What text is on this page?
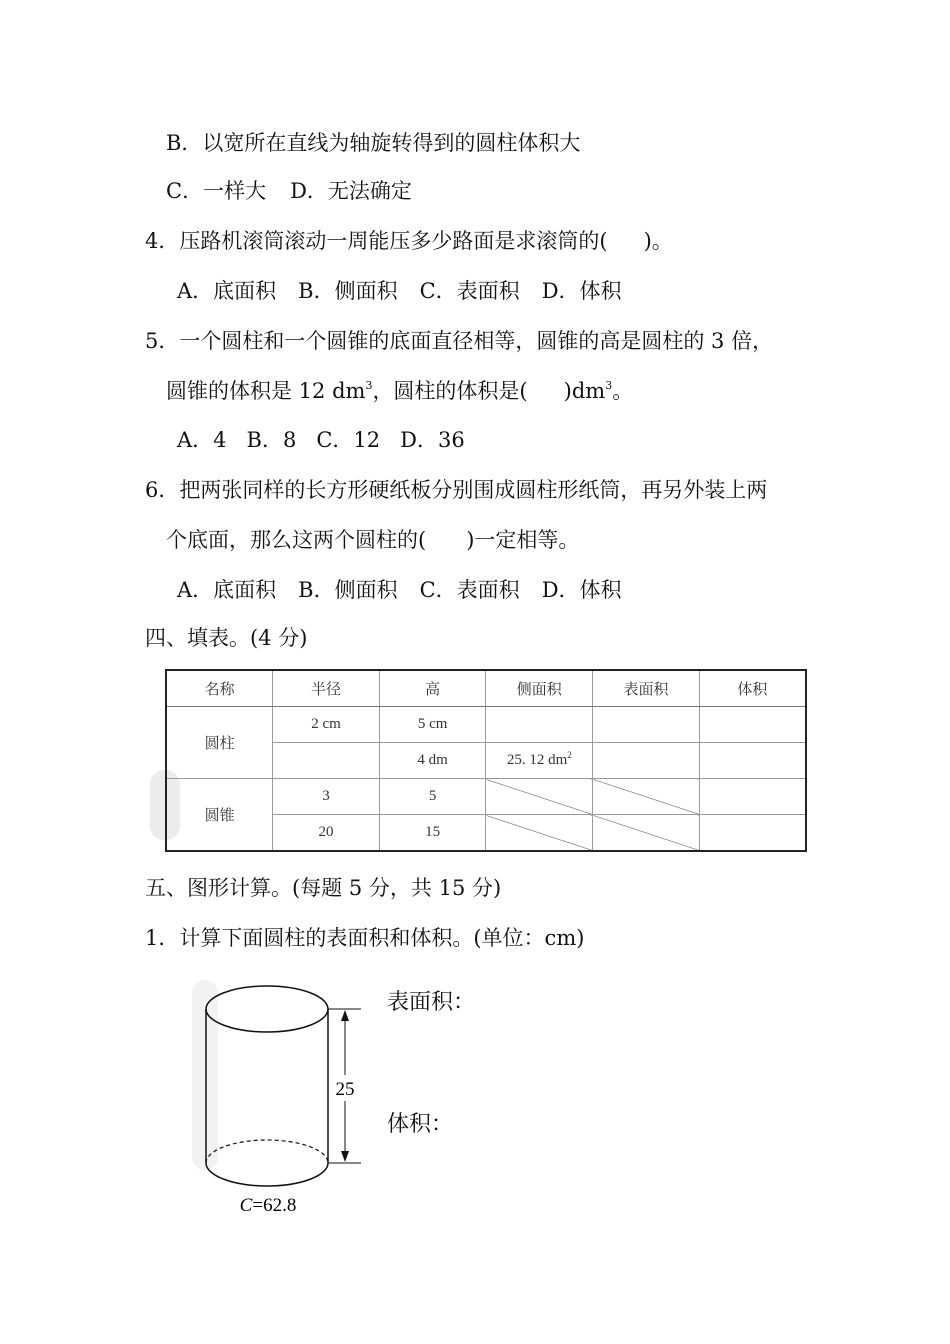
B．以宽所在直线为轴旋转得到的圆柱体积大
C．一样大 D．无法确定
4．压路机滚筒滚动一周能压多少路面是求滚筒的( )。
A．底面积 B．侧面积 C．表面积 D．体积
5．一个圆柱和一个圆锥的底面直径相等，圆锥的高是圆柱的 3 倍，
圆锥的体积是 12 $dm^3$，圆柱的体积是( )$dm^3$。
A．4 B．8 C．12 D．36
6．把两张同样的长方形硬纸板分别围成圆柱形纸筒，再另外装上两
个底面，那么这两个圆柱的( )一定相等。
A．底面积 B．侧面积 C．表面积 D．体积
四、填表。(4 分)
名称	半径	高	侧面积	表面积	体积
圆柱	2 cm	5 cm			
		4 dm	25. 12 $dm^2$		
圆锥	3	5			
	20	15			
五、图形计算。(每题 5 分，共 15 分)
1．计算下面圆柱的表面积和体积。(单位：cm)
25
C=62.8
表面积：
体积：
